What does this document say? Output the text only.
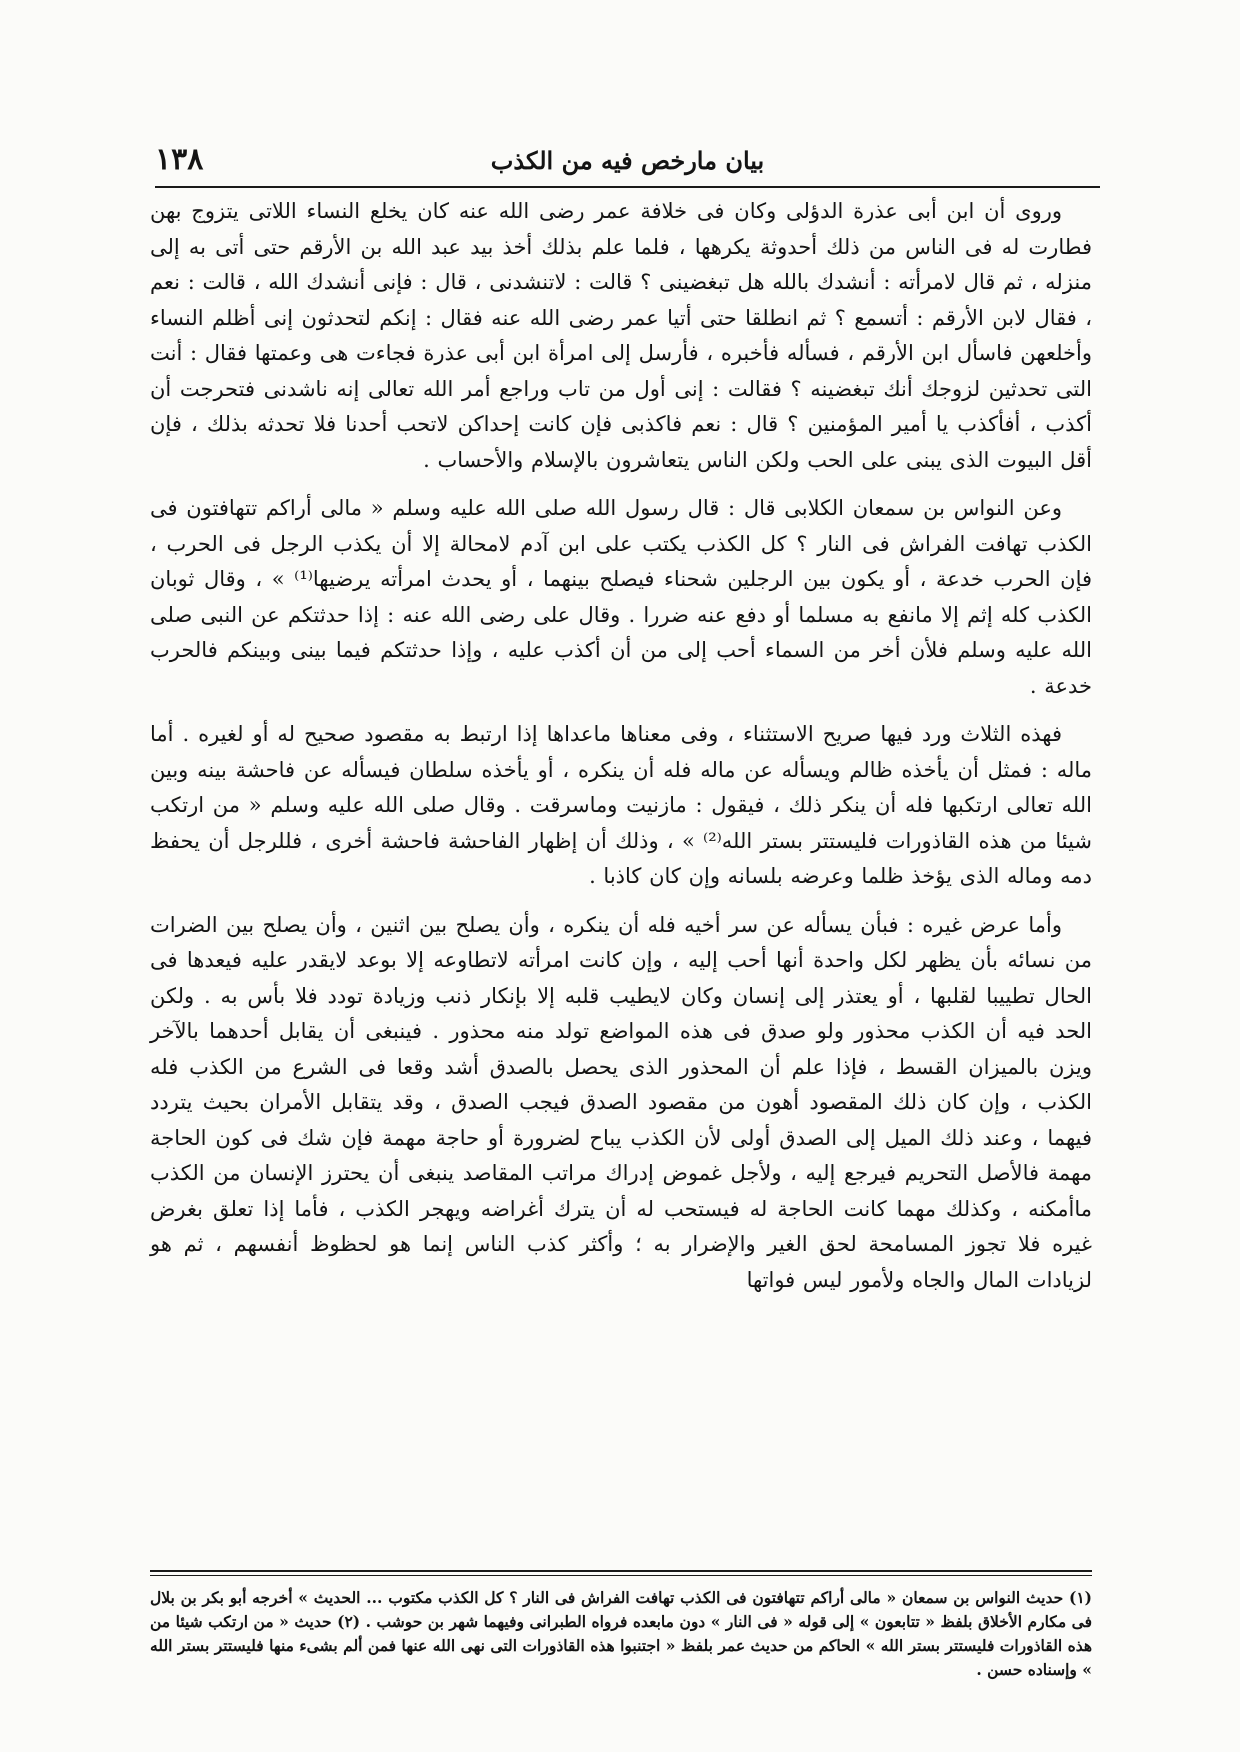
١٣٨	بيان مارخص فيه من الكذب

وروى أن ابن أبى عذرة الدؤلى وكان فى خلافة عمر رضى الله عنه كان يخلع النساء اللاتى يتزوج بهن فطارت له فى الناس من ذلك أحدوثة يكرهها ، فلما علم بذلك أخذ بيد عبد الله بن الأرقم حتى أتى به إلى منزله ، ثم قال لامرأته : أنشدك بالله هل تبغضينى ؟ قالت : لاتنشدنى ، قال : فإنى أنشدك الله ، قالت : نعم ، فقال لابن الأرقم : أتسمع ؟ ثم انطلقا حتى أتيا عمر رضى الله عنه فقال : إنكم لتحدثون إنى أظلم النساء وأخلعهن فاسأل ابن الأرقم ، فسأله فأخبره ، فأرسل إلى امرأة ابن أبى عذرة فجاءت هى وعمتها فقال : أنت التى تحدثين لزوجك أنك تبغضينه ؟ فقالت : إنى أول من تاب وراجع أمر الله تعالى إنه ناشدنى فتحرجت أن أكذب ، أفأكذب يا أمير المؤمنين ؟ قال : نعم فاكذبى فإن كانت إحداكن لاتحب أحدنا فلا تحدثه بذلك ، فإن أقل البيوت الذى يبنى على الحب ولكن الناس يتعاشرون بالإسلام والأحساب .

وعن النواس بن سمعان الكلابى قال : قال رسول الله صلى الله عليه وسلم « مالى أراكم تتهافتون فى الكذب تهافت الفراش فى النار ؟ كل الكذب يكتب على ابن آدم لامحالة إلا أن يكذب الرجل فى الحرب ، فإن الحرب خدعة ، أو يكون بين الرجلين شحناء فيصلح بينهما ، أو يحدث امرأته يرضيها⁽¹⁾ » ، وقال ثوبان الكذب كله إثم إلا مانفع به مسلما أو دفع عنه ضررا . وقال على رضى الله عنه : إذا حدثتكم عن النبى صلى الله عليه وسلم فلأن أخر من السماء أحب إلى من أن أكذب عليه ، وإذا حدثتكم فيما بينى وبينكم فالحرب خدعة .

فهذه الثلاث ورد فيها صريح الاستثناء ، وفى معناها ماعداها إذا ارتبط به مقصود صحيح له أو لغيره . أما ماله : فمثل أن يأخذه ظالم ويسأله عن ماله فله أن ينكره ، أو يأخذه سلطان فيسأله عن فاحشة بينه وبين الله تعالى ارتكبها فله أن ينكر ذلك ، فيقول : مازنيت وماسرقت . وقال صلى الله عليه وسلم « من ارتكب شيئا من هذه القاذورات فليستتر بستر الله⁽²⁾ » ، وذلك أن إظهار الفاحشة فاحشة أخرى ، فللرجل أن يحفظ دمه وماله الذى يؤخذ ظلما وعرضه بلسانه وإن كان كاذبا .

وأما عرض غيره : فبأن يسأله عن سر أخيه فله أن ينكره ، وأن يصلح بين اثنين ، وأن يصلح بين الضرات من نسائه بأن يظهر لكل واحدة أنها أحب إليه ، وإن كانت امرأته لاتطاوعه إلا بوعد لايقدر عليه فيعدها فى الحال تطييبا لقلبها ، أو يعتذر إلى إنسان وكان لايطيب قلبه إلا بإنكار ذنب وزيادة تودد فلا بأس به . ولكن الحد فيه أن الكذب محذور ولو صدق فى هذه المواضع تولد منه محذور . فينبغى أن يقابل أحدهما بالآخر ويزن بالميزان القسط ، فإذا علم أن المحذور الذى يحصل بالصدق أشد وقعا فى الشرع من الكذب فله الكذب ، وإن كان ذلك المقصود أهون من مقصود الصدق فيجب الصدق ، وقد يتقابل الأمران بحيث يتردد فيهما ، وعند ذلك الميل إلى الصدق أولى لأن الكذب يباح لضرورة أو حاجة مهمة فإن شك فى كون الحاجة مهمة فالأصل التحريم فيرجع إليه ، ولأجل غموض إدراك مراتب المقاصد ينبغى أن يحترز الإنسان من الكذب ماأمكنه ، وكذلك مهما كانت الحاجة له فيستحب له أن يترك أغراضه ويهجر الكذب ، فأما إذا تعلق بغرض غيره فلا تجوز المسامحة لحق الغير والإضرار به ؛ وأكثر كذب الناس إنما هو لحظوظ أنفسهم ، ثم هو لزيادات المال والجاه ولأمور ليس فواتها

(١) حديث النواس بن سمعان « مالى أراكم تتهافتون فى الكذب تهافت الفراش فى النار ؟ كل الكذب مكتوب ... الحديث » أخرجه أبو بكر بن بلال فى مكارم الأخلاق بلفظ « تتابعون » إلى قوله « فى النار » دون مابعده فرواه الطبرانى وفيهما شهر بن حوشب . (٢) حديث « من ارتكب شيئا من هذه القاذورات فليستتر بستر الله » الحاكم من حديث عمر بلفظ « اجتنبوا هذه القاذورات التى نهى الله عنها فمن ألم بشىء منها فليستتر بستر الله » وإسناده حسن .
